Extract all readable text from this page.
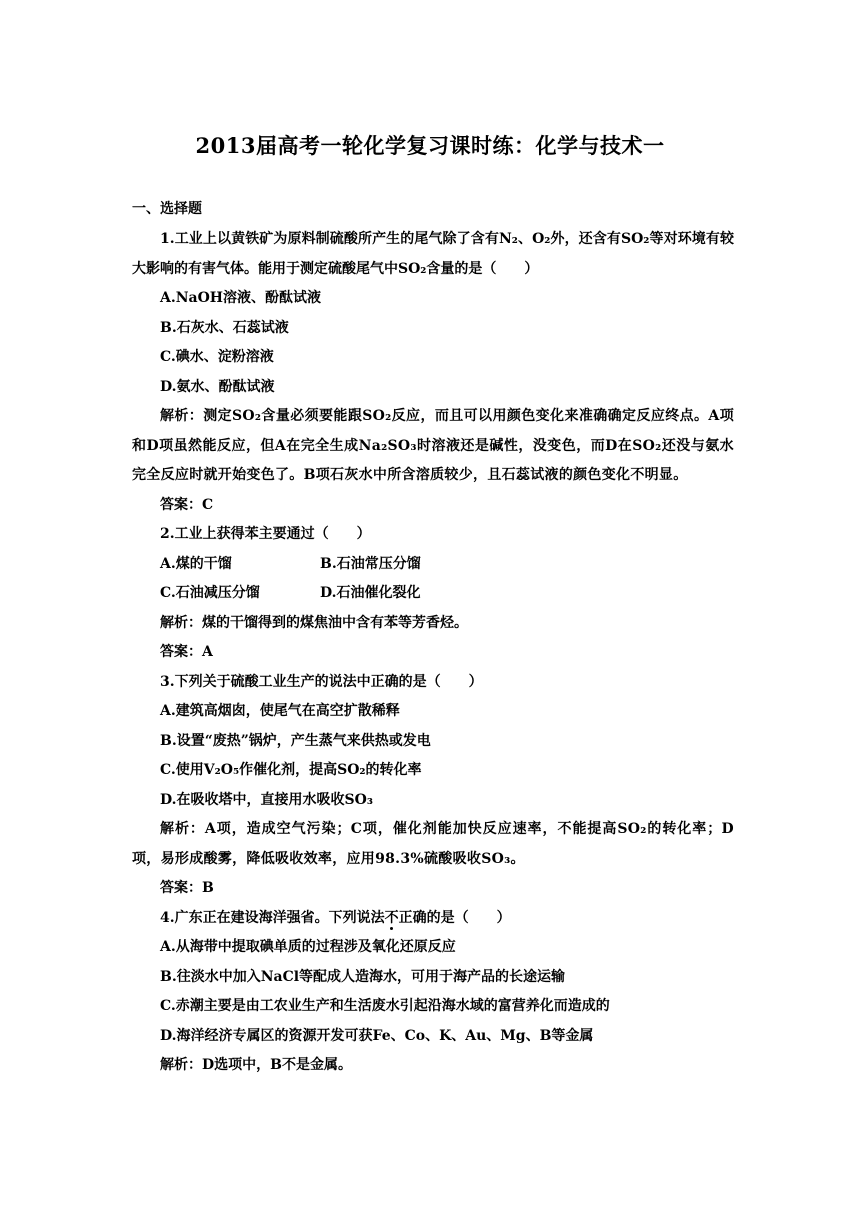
2013届高考一轮化学复习课时练：化学与技术一
一、选择题

1.工业上以黄铁矿为原料制硫酸所产生的尾气除了含有N₂、O₂外，还含有SO₂等对环境有较大影响的有害气体。能用于测定硫酸尾气中SO₂含量的是（　　）

A.NaOH溶液、酚酞试液

B.石灰水、石蕊试液

C.碘水、淀粉溶液

D.氨水、酚酞试液

解析：测定SO₂含量必须要能跟SO₂反应，而且可以用颜色变化来准确确定反应终点。A项和D项虽然能反应，但A在完全生成Na₂SO₃时溶液还是碱性，没变色，而D在SO₂还没与氨水完全反应时就开始变色了。B项石灰水中所含溶质较少，且石蕊试液的颜色变化不明显。

答案：C

2.工业上获得苯主要通过（　　）

A.煤的干馏	B.石油常压分馏
C.石油减压分馏	D.石油催化裂化

解析：煤的干馏得到的煤焦油中含有苯等芳香烃。

答案：A

3.下列关于硫酸工业生产的说法中正确的是（　　）

A.建筑高烟囱，使尾气在高空扩散稀释

B.设置“废热”锅炉，产生蒸气来供热或发电

C.使用V₂O₅作催化剂，提高SO₂的转化率

D.在吸收塔中，直接用水吸收SO₃

解析：A项，造成空气污染；C项，催化剂能加快反应速率，不能提高SO₂的转化率；D项，易形成酸雾，降低吸收效率，应用98.3%硫酸吸收SO₃。

答案：B

4.广东正在建设海洋强省。下列说法不正确的是（　　）

A.从海带中提取碘单质的过程涉及氧化还原反应

B.往淡水中加入NaCl等配成人造海水，可用于海产品的长途运输

C.赤潮主要是由工农业生产和生活废水引起沿海水域的富营养化而造成的

D.海洋经济专属区的资源开发可获Fe、Co、K、Au、Mg、B等金属

解析：D选项中，B不是金属。
